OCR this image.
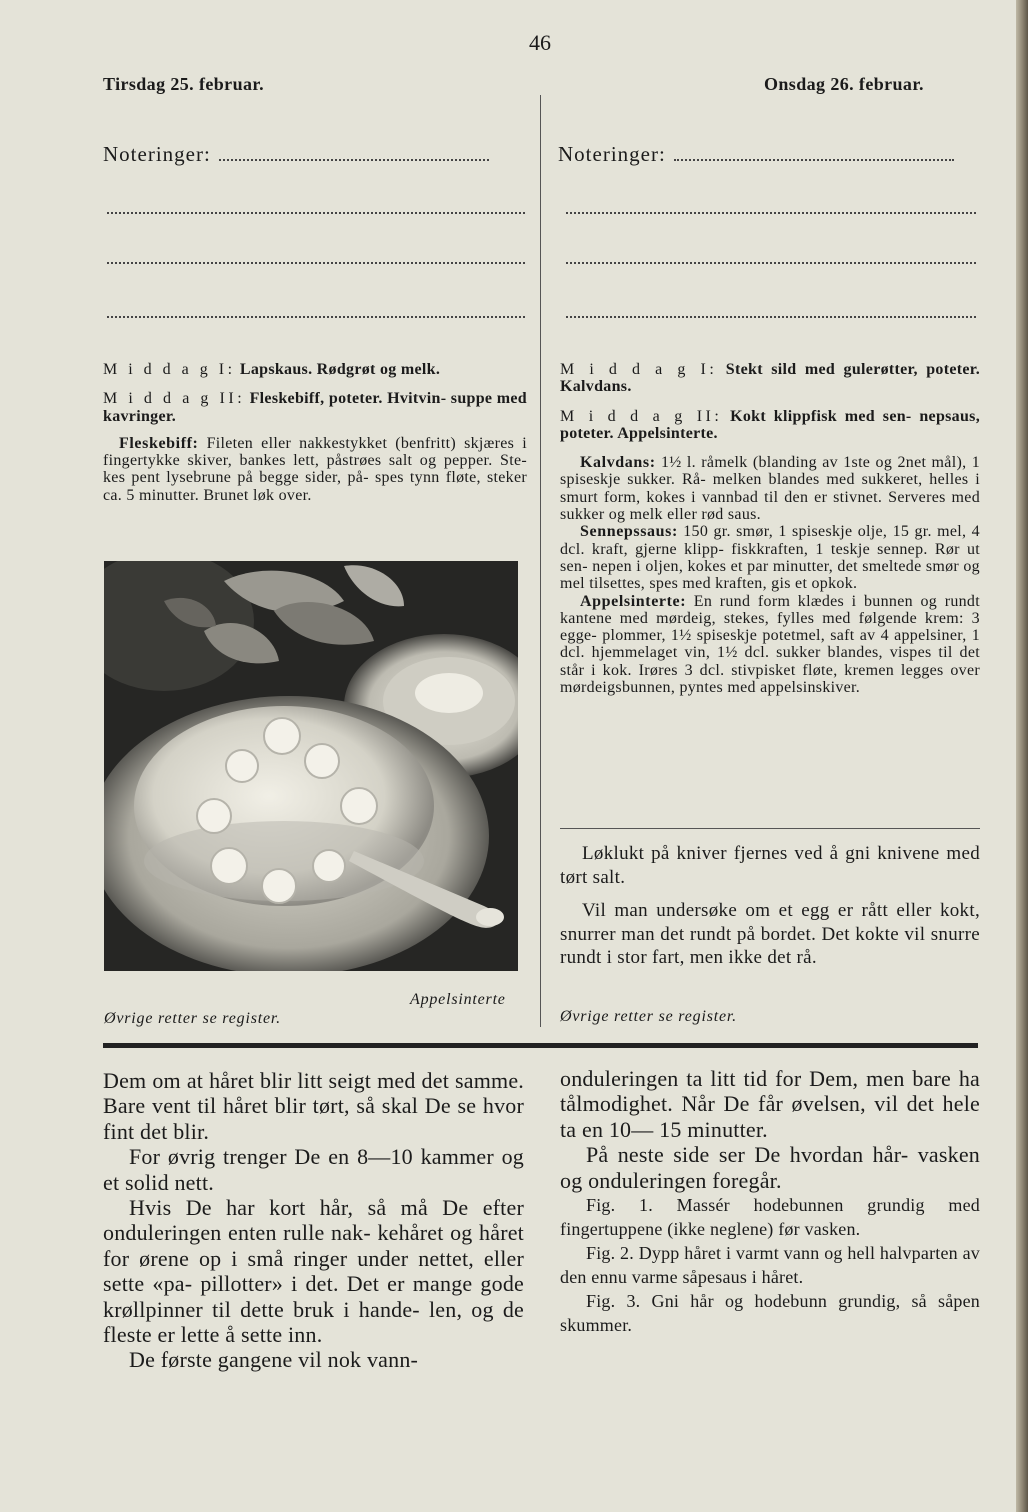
46
Tirsdag 25. februar.	Onsdag 26. februar.
Noteringer:	Noteringer:

M i d d a g I: Lapskaus. Rødgrøt og melk.

M i d d a g II: Fleskebiff, poteter. Hvitvin- suppe med kavringer.

Fleskebiff: Fileten eller nakkestykket (benfritt) skjæres i fingertykke skiver, bankes lett, påstrøes salt og pepper. Ste- kes pent lysebrune på begge sider, på- spes tynn fløte, steker ca. 5 minutter. Brunet løk over.

Appelsinterte
Øvrige retter se register.

M i d d a g I: Stekt sild med gulerøtter, poteter. Kalvdans.

M i d d a g II: Kokt klippfisk med sen- nepsaus, poteter. Appelsinterte.

Kalvdans: 1½ l. råmelk (blanding av 1ste og 2net mål), 1 spiseskje sukker. Rå- melken blandes med sukkeret, helles i smurt form, kokes i vannbad til den er stivnet. Serveres med sukker og melk eller rød saus.

Sennepssaus: 150 gr. smør, 1 spiseskje olje, 15 gr. mel, 4 dcl. kraft, gjerne klipp- fiskkraften, 1 teskje sennep. Rør ut sen- nepen i oljen, kokes et par minutter, det smeltede smør og mel tilsettes, spes med kraften, gis et opkok.

Appelsinterte: En rund form klædes i bunnen og rundt kantene med mørdeig, stekes, fylles med følgende krem: 3 egge- plommer, 1½ spiseskje potetmel, saft av 4 appelsiner, 1 dcl. hjemmelaget vin, 1½ dcl. sukker blandes, vispes til det står i kok. Irøres 3 dcl. stivpisket fløte, kremen legges over mørdeigsbunnen, pyntes med appelsinskiver.

Løklukt på kniver fjernes ved å gni knivene med tørt salt.

Vil man undersøke om et egg er rått eller kokt, snurrer man det rundt på bordet. Det kokte vil snurre rundt i stor fart, men ikke det rå.

Øvrige retter se register.

Dem om at håret blir litt seigt med det samme. Bare vent til håret blir tørt, så skal De se hvor fint det blir.

For øvrig trenger De en 8—10 kammer og et solid nett.

Hvis De har kort hår, så må De efter onduleringen enten rulle nak- kehåret og håret for ørene op i små ringer under nettet, eller sette «pa- pillotter» i det. Det er mange gode krøllpinner til dette bruk i hande- len, og de fleste er lette å sette inn.

De første gangene vil nok vann-

onduleringen ta litt tid for Dem, men bare ha tålmodighet. Når De får øvelsen, vil det hele ta en 10— 15 minutter.

På neste side ser De hvordan hår- vasken og onduleringen foregår.

Fig. 1. Massér hodebunnen grundig med fingertuppene (ikke neglene) før vasken.

Fig. 2. Dypp håret i varmt vann og hell halvparten av den ennu varme såpesaus i håret.

Fig. 3. Gni hår og hodebunn grundig, så såpen skummer.
